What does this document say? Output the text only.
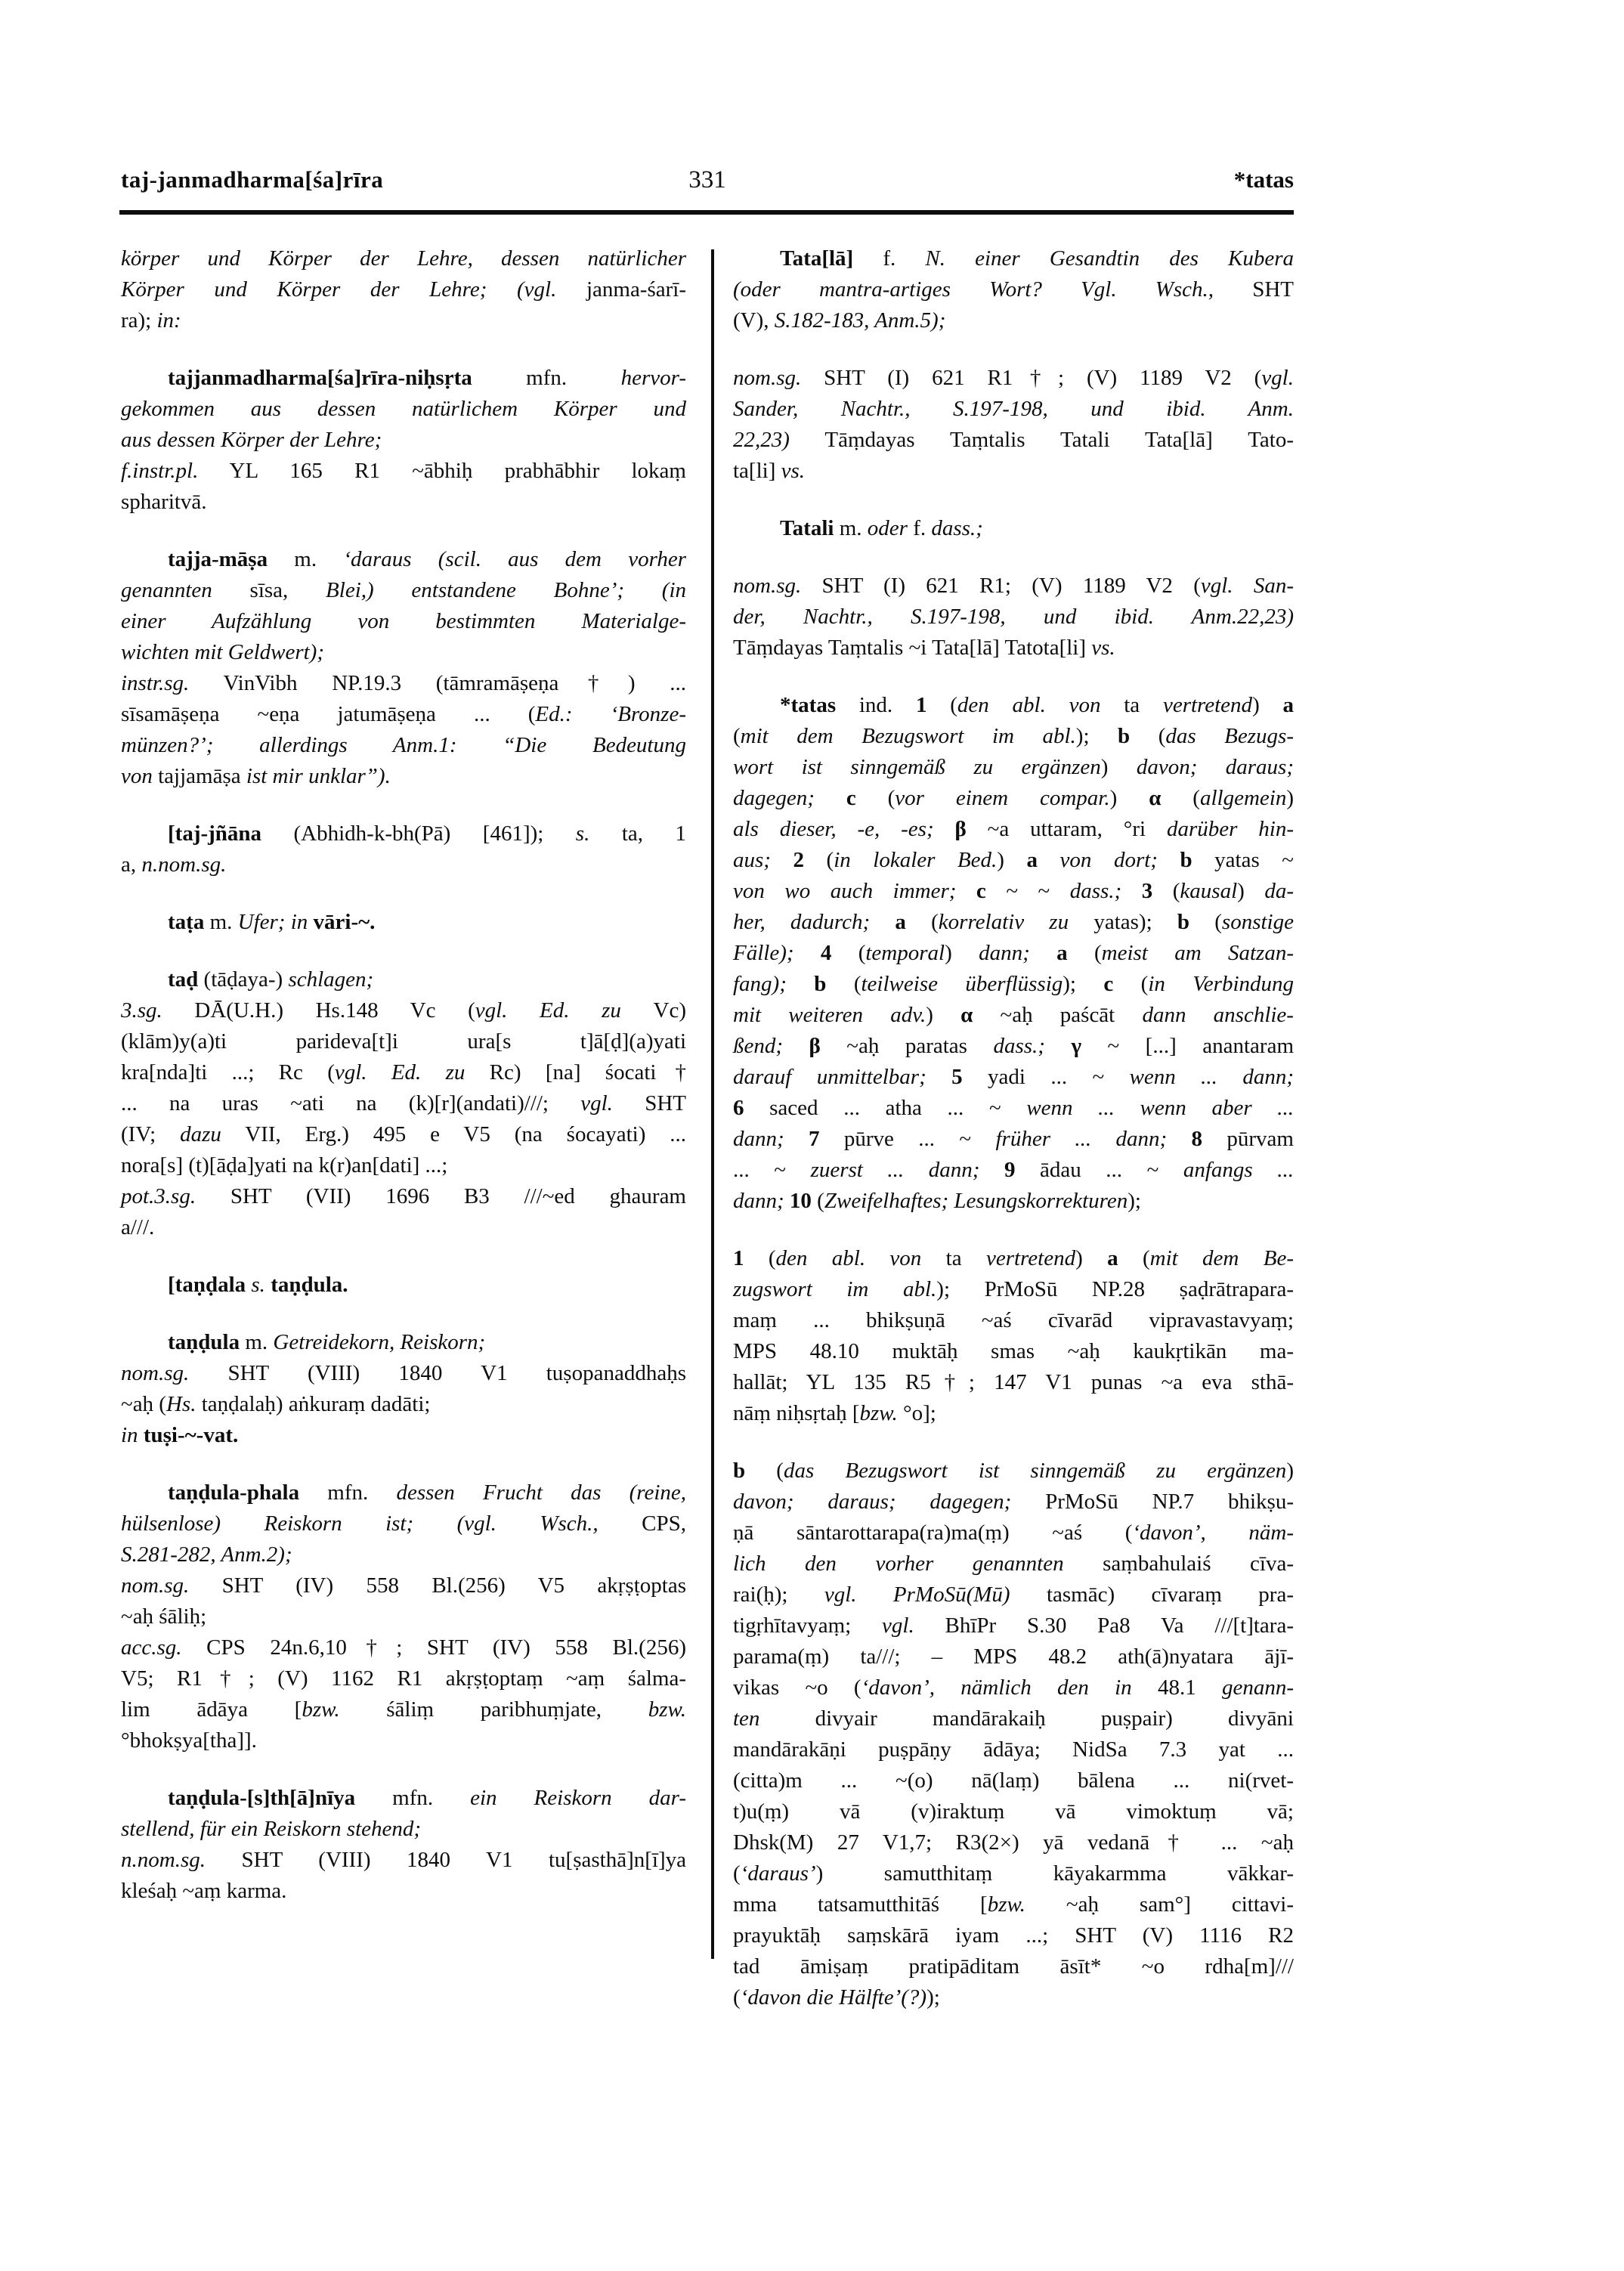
taj-janmadharma[śa]rīra	331	*tatas
körper und Körper der Lehre, dessen natürlicher
Körper und Körper der Lehre; (vgl. janma-śarī-
ra); in:
tajjanmadharma[śa]rīra-niḥsṛta mfn. hervor-
gekommen aus dessen natürlichem Körper und
aus dessen Körper der Lehre;
f.instr.pl. YL 165 R1 ~ābhiḥ prabhābhir lokaṃ
spharitvā.
tajja-māṣa m. ‘daraus (scil. aus dem vorher
genannten sīsa, Blei,) entstandene Bohne’; (in
einer Aufzählung von bestimmten Materialge-
wichten mit Geldwert);
instr.sg. VinVibh NP.19.3 (tāmramāṣeṇa†) ...
sīsamāṣeṇa ~eṇa jatumāṣeṇa ... (Ed.: ‘Bronze-
münzen?’; allerdings Anm.1: “Die Bedeutung
von tajjamāṣa ist mir unklar”).
[taj-jñāna (Abhidh-k-bh(Pā) [461]); s. ta, 1
a, n.nom.sg.
taṭa m. Ufer; in vāri-~.
taḍ (tāḍaya-) schlagen;
3.sg. DĀ(U.H.) Hs.148 Vc (vgl. Ed. zu Vc)
(klām)y(a)ti parideva[t]i ura[s t]ā[ḍ](a)yati
kra[nda]ti ...; Rc (vgl. Ed. zu Rc) [na] śocati†
... na uras ~ati na (k)[r](andati)///; vgl. SHT
(IV; dazu VII, Erg.) 495 e V5 (na śocayati) ...
nora[s] (t)[āḍa]yati na k(r)an[dati] ...;
pot.3.sg. SHT (VII) 1696 B3 ///~ed ghauram
a///.
[taṇḍala s. taṇḍula.
taṇḍula m. Getreidekorn, Reiskorn;
nom.sg. SHT (VIII) 1840 V1 tuṣopanaddhaḥs
~aḥ (Hs. taṇḍalaḥ) aṅkuraṃ dadāti;
in tuṣi-~-vat.
taṇḍula-phala mfn. dessen Frucht das (reine,
hülsenlose) Reiskorn ist; (vgl. Wsch., CPS,
S.281-282, Anm.2);
nom.sg. SHT (IV) 558 Bl.(256) V5 akṛṣṭoptas
~aḥ śāliḥ;
acc.sg. CPS 24n.6,10†; SHT (IV) 558 Bl.(256)
V5; R1†; (V) 1162 R1 akṛṣṭoptaṃ ~aṃ śalma-
lim ādāya [bzw. śāliṃ paribhuṃjate, bzw.
°bhokṣya[tha]].
taṇḍula-[s]th[ā]nīya mfn. ein Reiskorn dar-
stellend, für ein Reiskorn stehend;
n.nom.sg. SHT (VIII) 1840 V1 tu[ṣasthā]n[ī]ya
kleśaḥ ~aṃ karma.
Tata[lā] f. N. einer Gesandtin des Kubera
(oder mantra-artiges Wort? Vgl. Wsch., SHT
(V), S.182-183, Anm.5);
nom.sg. SHT (I) 621 R1†; (V) 1189 V2 (vgl.
Sander, Nachtr., S.197-198, und ibid. Anm.
22,23) Tāṃdayas Taṃtalis Tatali Tata[lā] Tato-
ta[li] vs.
Tatali m. oder f. dass.;
nom.sg. SHT (I) 621 R1; (V) 1189 V2 (vgl. San-
der, Nachtr., S.197-198, und ibid. Anm.22,23)
Tāṃdayas Taṃtalis ~i Tata[lā] Tatota[li] vs.
*tatas ind. 1 (den abl. von ta vertretend) a
(mit dem Bezugswort im abl.); b (das Bezugs-
wort ist sinngemäß zu ergänzen) davon; daraus;
dagegen; c (vor einem compar.) α (allgemein)
als dieser, -e, -es; β ~a uttaram, °ri darüber hin-
aus; 2 (in lokaler Bed.) a von dort; b yatas ~
von wo auch immer; c ~ ~ dass.; 3 (kausal) da-
her, dadurch; a (korrelativ zu yatas); b (sonstige
Fälle); 4 (temporal) dann; a (meist am Satzan-
fang); b (teilweise überflüssig); c (in Verbindung
mit weiteren adv.) α ~aḥ paścāt dann anschlie-
ßend; β ~aḥ paratas dass.; γ ~ [...] anantaram
darauf unmittelbar; 5 yadi ... ~ wenn ... dann;
6 saced ... atha ... ~ wenn ... wenn aber ...
dann; 7 pūrve ... ~ früher ... dann; 8 pūrvam
... ~ zuerst ... dann; 9 ādau ... ~ anfangs ...
dann; 10 (Zweifelhaftes; Lesungskorrekturen);
1 (den abl. von ta vertretend) a (mit dem Be-
zugswort im abl.); PrMoSū NP.28 ṣaḍrātrapara-
maṃ ... bhikṣuṇā ~aś cīvarād vipravastavyaṃ;
MPS 48.10 muktāḥ smas ~aḥ kaukṛtikān ma-
hallāt; YL 135 R5†; 147 V1 punas ~a eva sthā-
nāṃ niḥsṛtaḥ [bzw. °o];
b (das Bezugswort ist sinngemäß zu ergänzen)
davon; daraus; dagegen; PrMoSū NP.7 bhikṣu-
ṇā sāntarottarapa(ra)ma(ṃ) ~aś (‘davon’, näm-
lich den vorher genannten saṃbahulaiś cīva-
rai(ḥ); vgl. PrMoSū(Mū) tasmāc) cīvaraṃ pra-
tigṛhītavyaṃ; vgl. BhīPr S.30 Pa8 Va ///[t]tara-
parama(ṃ) ta///; – MPS 48.2 ath(ā)nyatara ājī-
vikas ~o (‘davon’, nämlich den in 48.1 genann-
ten divyair mandārakaiḥ puṣpair) divyāni
mandārakāṇi puṣpāṇy ādāya; NidSa 7.3 yat ...
(citta)m ... ~(o) nā(laṃ) bālena ... ni(rvet-
t)u(ṃ) vā (v)iraktuṃ vā vimoktuṃ vā;
Dhsk(M) 27 V1,7; R3(2×) yā vedanā† ... ~aḥ
(‘daraus’) samutthitaṃ kāyakarmma vākkar-
mma tatsamutthitāś [bzw. ~aḥ sam°] cittavi-
prayuktāḥ saṃskārā iyam ...; SHT (V) 1116 R2
tad āmiṣaṃ pratipāditam āsīt* ~o rdha[m]///
(‘davon die Hälfte’(?));
